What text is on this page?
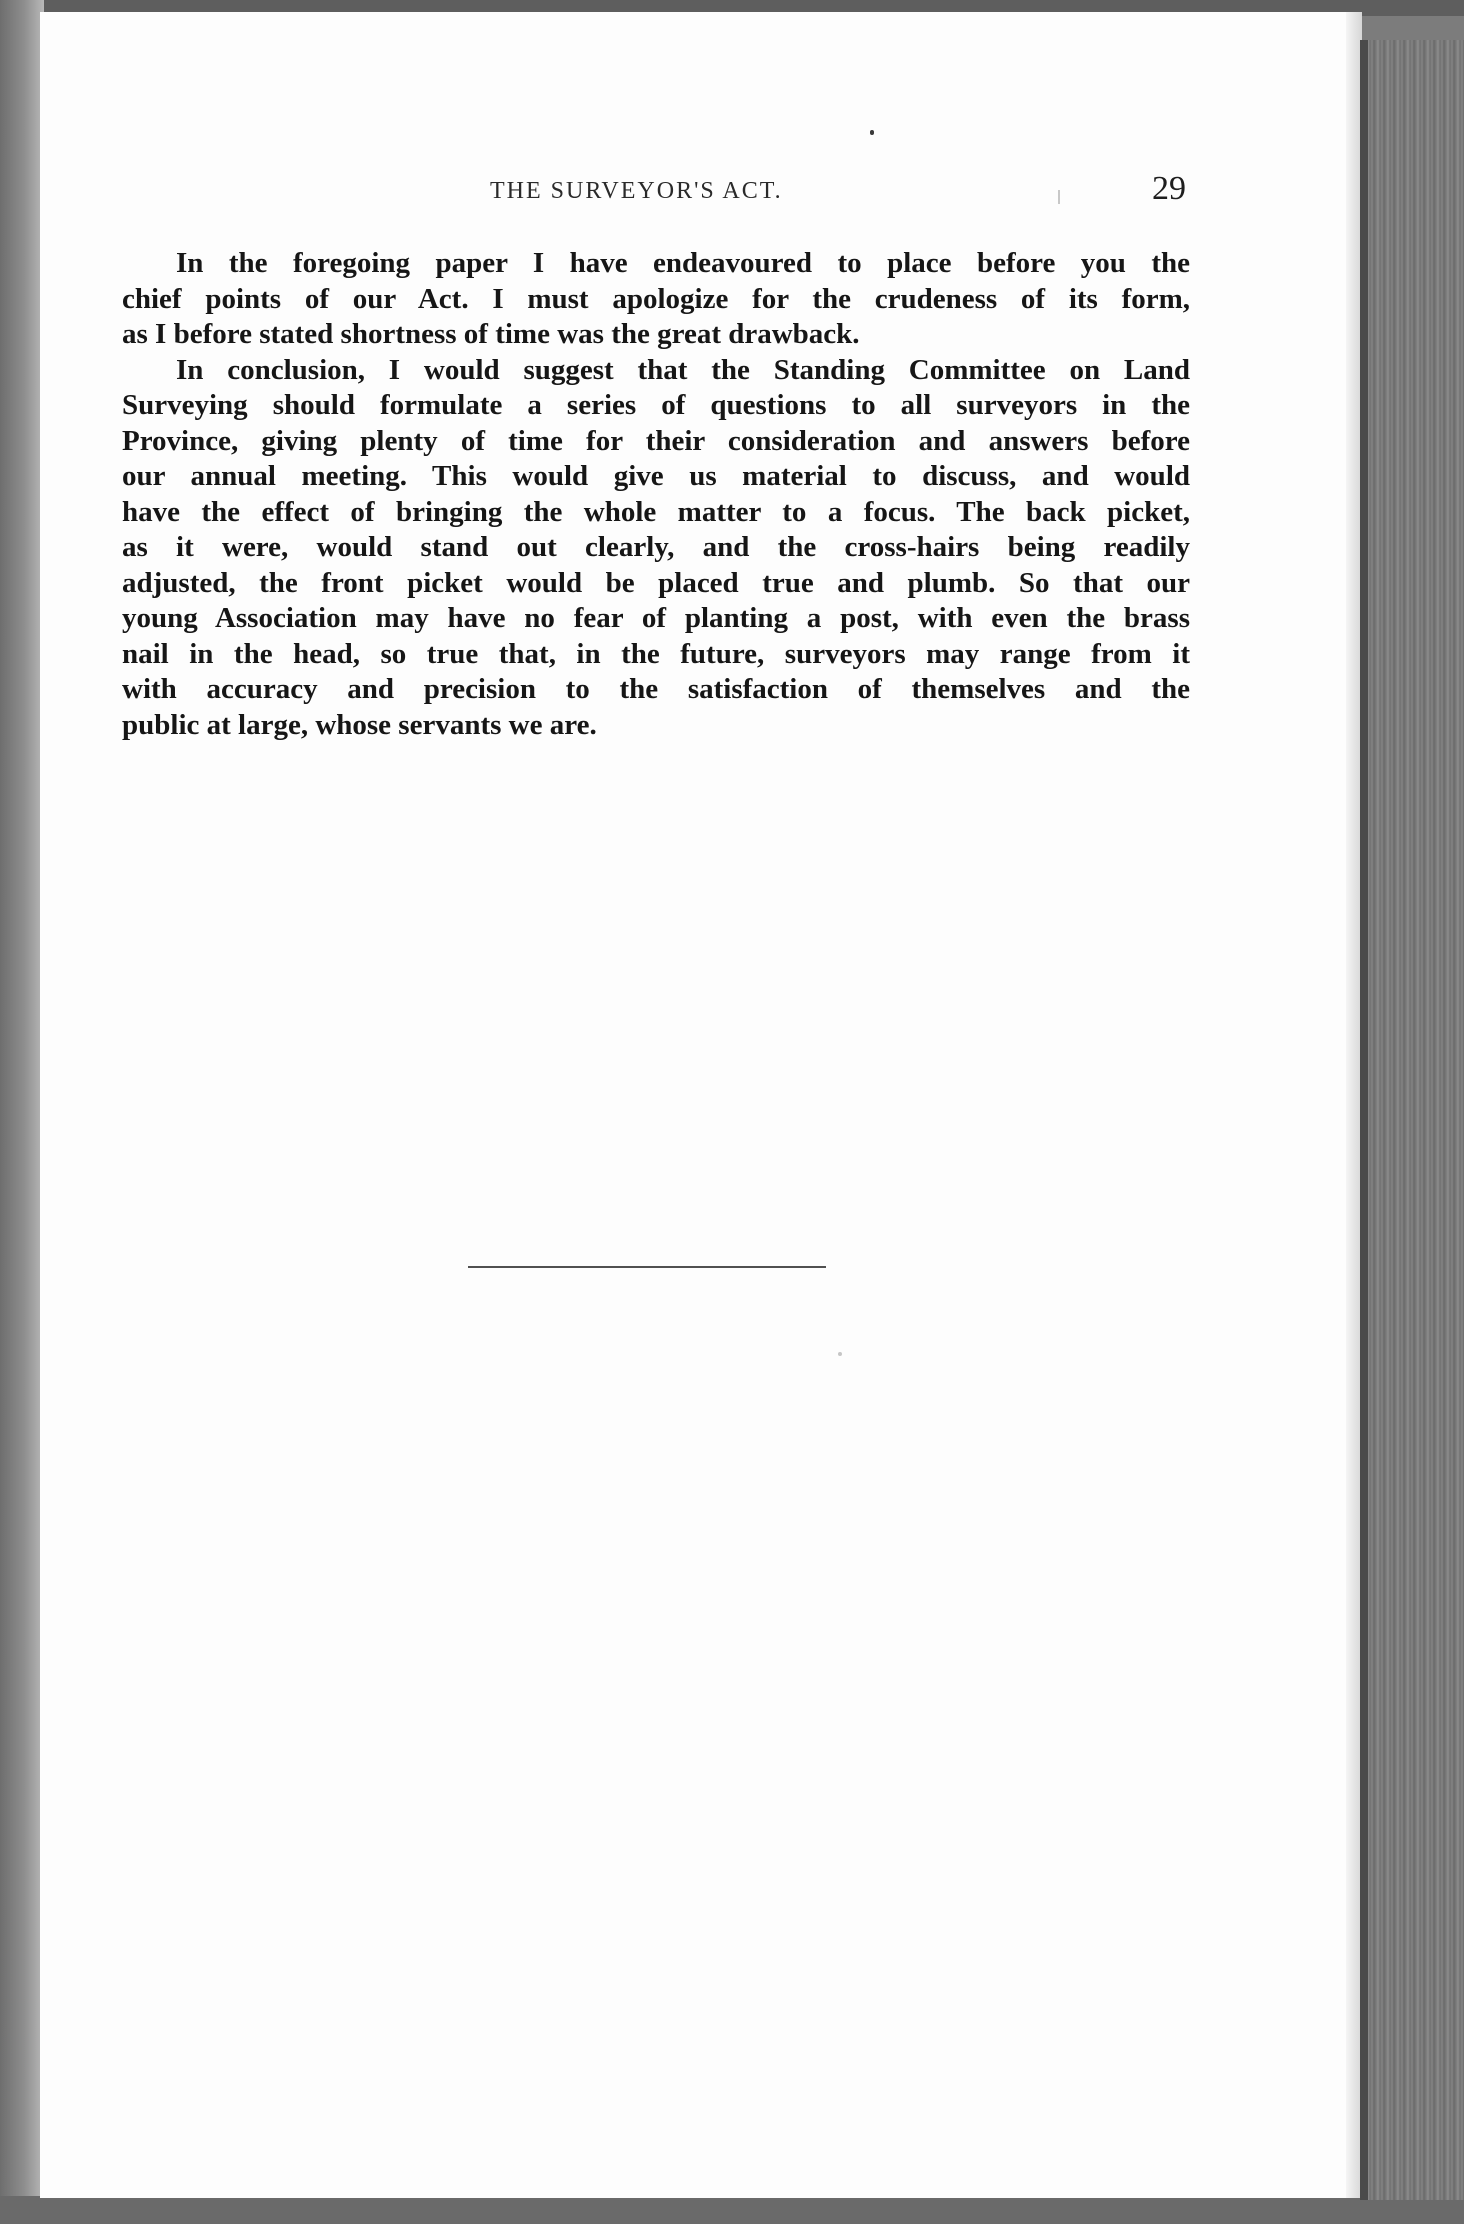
THE SURVEYOR'S ACT.	29
In the foregoing paper I have endeavoured to place before you the
chief points of our Act. I must apologize for the crudeness of its form,
as I before stated shortness of time was the great drawback.
In conclusion, I would suggest that the Standing Committee on Land
Surveying should formulate a series of questions to all surveyors in the
Province, giving plenty of time for their consideration and answers before
our annual meeting. This would give us material to discuss, and would
have the effect of bringing the whole matter to a focus. The back picket,
as it were, would stand out clearly, and the cross-hairs being readily
adjusted, the front picket would be placed true and plumb. So that our
young Association may have no fear of planting a post, with even the brass
nail in the head, so true that, in the future, surveyors may range from it
with accuracy and precision to the satisfaction of themselves and the
public at large, whose servants we are.
